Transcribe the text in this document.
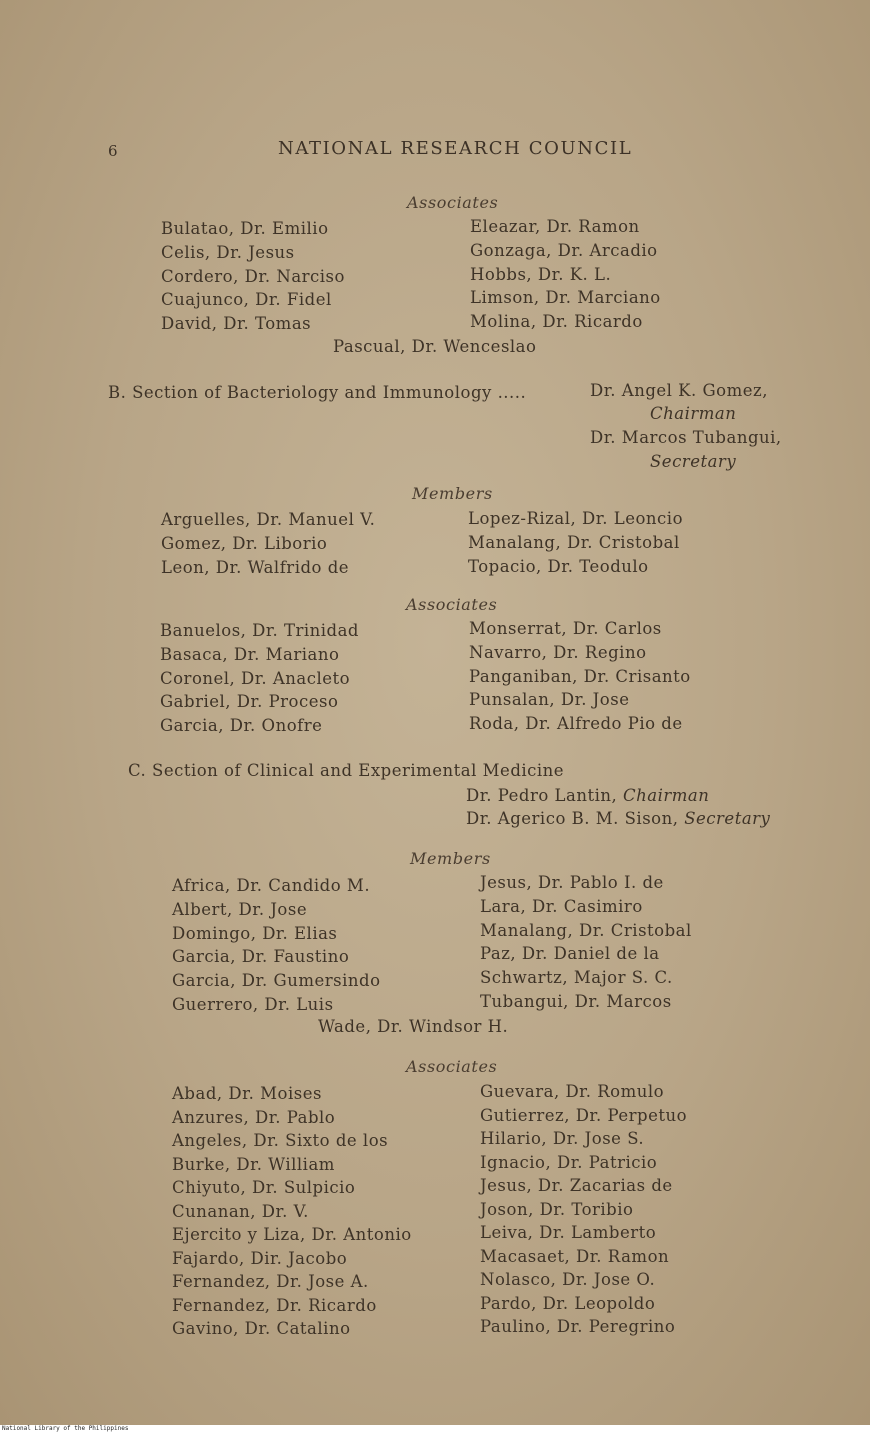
6	NATIONAL RESEARCH COUNCIL
Associates
Bulatao, Dr. Emilio
Celis, Dr. Jesus
Cordero, Dr. Narciso
Cuajunco, Dr. Fidel
David, Dr. Tomas
Eleazar, Dr. Ramon
Gonzaga, Dr. Arcadio
Hobbs, Dr. K. L.
Limson, Dr. Marciano
Molina, Dr. Ricardo
Pascual, Dr. Wenceslao
B. Section of Bacteriology and Immunology .....	Dr. Angel K. Gomez,
Chairman
Dr. Marcos Tubangui,
Secretary
Members
Arguelles, Dr. Manuel V.
Gomez, Dr. Liborio
Leon, Dr. Walfrido de
Lopez-Rizal, Dr. Leoncio
Manalang, Dr. Cristobal
Topacio, Dr. Teodulo
Associates
Banuelos, Dr. Trinidad
Basaca, Dr. Mariano
Coronel, Dr. Anacleto
Gabriel, Dr. Proceso
Garcia, Dr. Onofre
Monserrat, Dr. Carlos
Navarro, Dr. Regino
Panganiban, Dr. Crisanto
Punsalan, Dr. Jose
Roda, Dr. Alfredo Pio de
C. Section of Clinical and Experimental Medicine
Dr. Pedro Lantin, Chairman
Dr. Agerico B. M. Sison, Secretary
Members
Africa, Dr. Candido M.
Albert, Dr. Jose
Domingo, Dr. Elias
Garcia, Dr. Faustino
Garcia, Dr. Gumersindo
Guerrero, Dr. Luis
Jesus, Dr. Pablo I. de
Lara, Dr. Casimiro
Manalang, Dr. Cristobal
Paz, Dr. Daniel de la
Schwartz, Major S. C.
Tubangui, Dr. Marcos
Wade, Dr. Windsor H.
Associates
Abad, Dr. Moises
Anzures, Dr. Pablo
Angeles, Dr. Sixto de los
Burke, Dr. William
Chiyuto, Dr. Sulpicio
Cunanan, Dr. V.
Ejercito y Liza, Dr. Antonio
Fajardo, Dir. Jacobo
Fernandez, Dr. Jose A.
Fernandez, Dr. Ricardo
Gavino, Dr. Catalino
Guevara, Dr. Romulo
Gutierrez, Dr. Perpetuo
Hilario, Dr. Jose S.
Ignacio, Dr. Patricio
Jesus, Dr. Zacarias de
Joson, Dr. Toribio
Leiva, Dr. Lamberto
Macasaet, Dr. Ramon
Nolasco, Dr. Jose O.
Pardo, Dr. Leopoldo
Paulino, Dr. Peregrino
National Library of the Philippines
